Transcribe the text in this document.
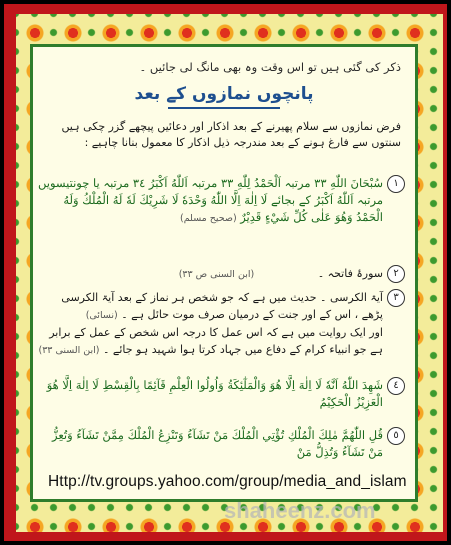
ذکر کی گئی ہیں تو اس وقت وہ بھی مانگ لی جائیں ۔
پانچوں نمازوں کے بعد
فرض نمازوں سے سلام پھیرنے کے بعد اذکار اور دعائیں پیچھے گزر چکی ہیں سنتوں سے فارغ ہونے کے بعد مندرجہ ذیل اذکار کا معمول بنانا چاہیے :
١
سُبْحَانَ اللّٰهِ ٣٣ مرتبہ اَلْحَمْدُ لِلّٰهِ ٣٣ مرتبہ اَللّٰهُ اَكْبَرُ ٣٤ مرتبہ یا چونتیسویں مرتبہ اَللّٰهُ اَكْبَرُ کے بجائے لَا اِلٰهَ اِلَّا اللّٰهُ وَحْدَهٗ لَا شَرِيْكَ لَهٗ لَهُ الْمُلْكُ وَلَهُ الْحَمْدُ وَهُوَ عَلٰى كُلِّ شَيْءٍ قَدِيْرٌ (صحیح مسلم)
٢
سورۂ فاتحہ ۔ (ابن السنی ص ٣٣)
٣
آیۃ الکرسی ۔ حدیث میں ہے کہ جو شخص ہر نماز کے بعد آیۃ الکرسی پڑھے ، اس کے اور جنت کے درمیان صرف موت حائل ہے ۔ (نسائی)
اور ایک روایت میں ہے کہ اس عمل کا درجہ اس شخص کے عمل کے برابر ہے جو انبیاء کرام کے دفاع میں جہاد کرتا ہوا شہید ہو جائے ۔ (ابن السنی ٣٣)
٤
شَهِدَ اللّٰهُ اَنَّهٗ لَا اِلٰهَ اِلَّا هُوَ وَالْمَلٰٓئِكَةُ وَاُولُوا الْعِلْمِ قَآئِمًا بِالْقِسْطِ لَا اِلٰهَ اِلَّا هُوَ الْعَزِيْزُ الْحَكِيْمُ
٥
قُلِ اللّٰهُمَّ مٰلِكَ الْمُلْكِ تُؤْتِي الْمُلْكَ مَنْ تَشَآءُ وَتَنْزِعُ الْمُلْكَ مِمَّنْ تَشَآءُ وَتُعِزُّ مَنْ تَشَآءُ وَتُذِلُّ مَنْ
Http://tv.groups.yahoo.com/group/media_and_islam
shaheenz.com
